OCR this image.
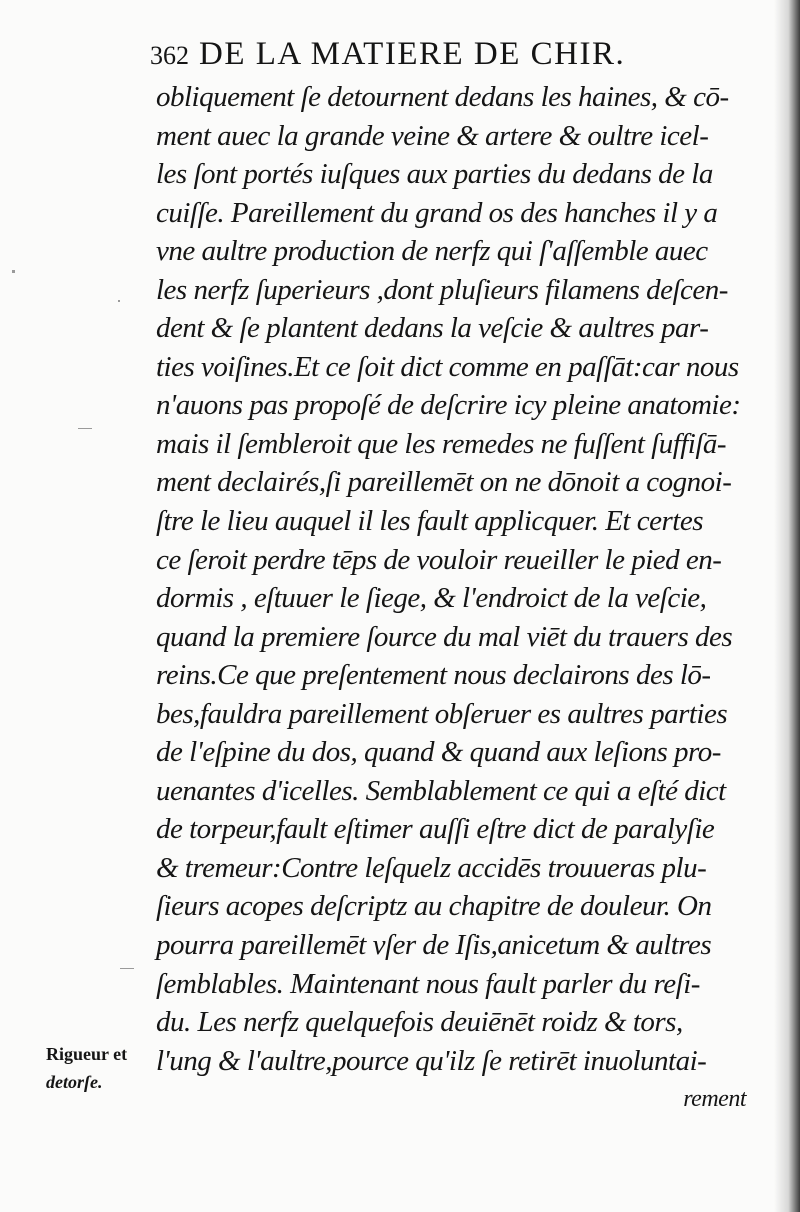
362 DE LA MATIERE DE CHIR.
obliquement ſe detournent dedans les haines, & cō-
ment auec la grande veine & artere & oultre icel-
les ſont portés iuſques aux parties du dedans de la
cuiſſe. Pareillement du grand os des hanches il y a
vne aultre production de nerfz qui ſ'aſſemble auec
les nerfz ſuperieurs ,dont pluſieurs filamens deſcen-
dent & ſe plantent dedans la veſcie & aultres par-
ties voiſines.Et ce ſoit dict comme en paſſāt:car nous
n'auons pas propoſé de deſcrire icy pleine anatomie:
mais il ſembleroit que les remedes ne fuſſent ſuffiſā-
ment declairés,ſi pareillemēt on ne dōnoit a cognoi-
ſtre le lieu auquel il les fault applicquer. Et certes
ce ſeroit perdre tēps de vouloir reueiller le pied en-
dormis , eſtuuer le ſiege, & l'endroict de la veſcie,
quand la premiere ſource du mal viēt du trauers des
reins.Ce que preſentement nous declairons des lō-
bes,fauldra pareillement obſeruer es aultres parties
de l'eſpine du dos, quand & quand aux leſions pro-
uenantes d'icelles. Semblablement ce qui a eſté dict
de torpeur,fault eſtimer auſſi eſtre dict de paralyſie
& tremeur:Contre leſquelz accidēs trouueras plu-
ſieurs acopes deſcriptz au chapitre de douleur. On
pourra pareillemēt vſer de Iſis,anicetum & aultres
ſemblables. Maintenant nous fault parler du reſi-
du. Les nerfz quelquefois deuiēnēt roidz & tors,
l'ung & l'aultre,pource qu'ilz ſe retirēt inuoluntai-
rement
Rigueur et
detorſe.
